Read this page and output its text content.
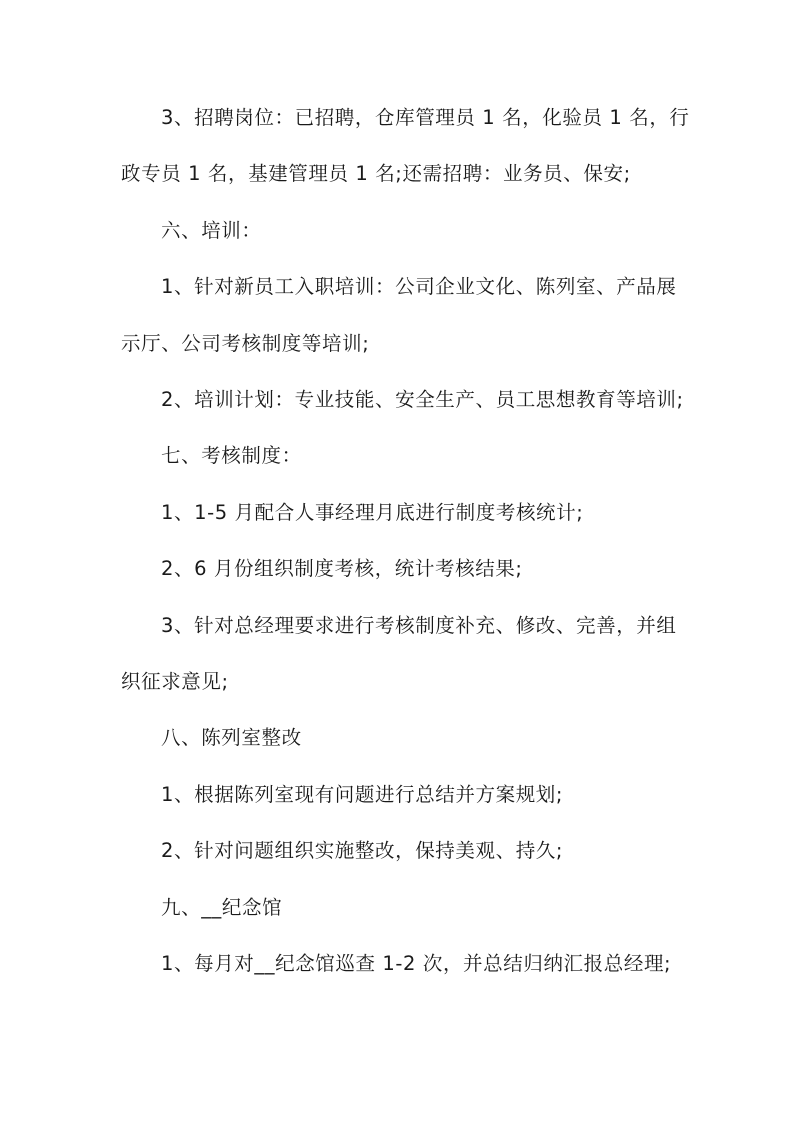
3、招聘岗位：已招聘，仓库管理员 1 名，化验员 1 名，行
政专员 1 名，基建管理员 1 名;还需招聘：业务员、保安;
六、培训：
1、针对新员工入职培训：公司企业文化、陈列室、产品展
示厅、公司考核制度等培训;
2、培训计划：专业技能、安全生产、员工思想教育等培训;
七、考核制度：
1、1-5 月配合人事经理月底进行制度考核统计;
2、6 月份组织制度考核，统计考核结果;
3、针对总经理要求进行考核制度补充、修改、完善，并组
织征求意见;
八、陈列室整改
1、根据陈列室现有问题进行总结并方案规划;
2、针对问题组织实施整改，保持美观、持久;
九、__纪念馆
1、每月对__纪念馆巡查 1-2 次，并总结归纳汇报总经理;
